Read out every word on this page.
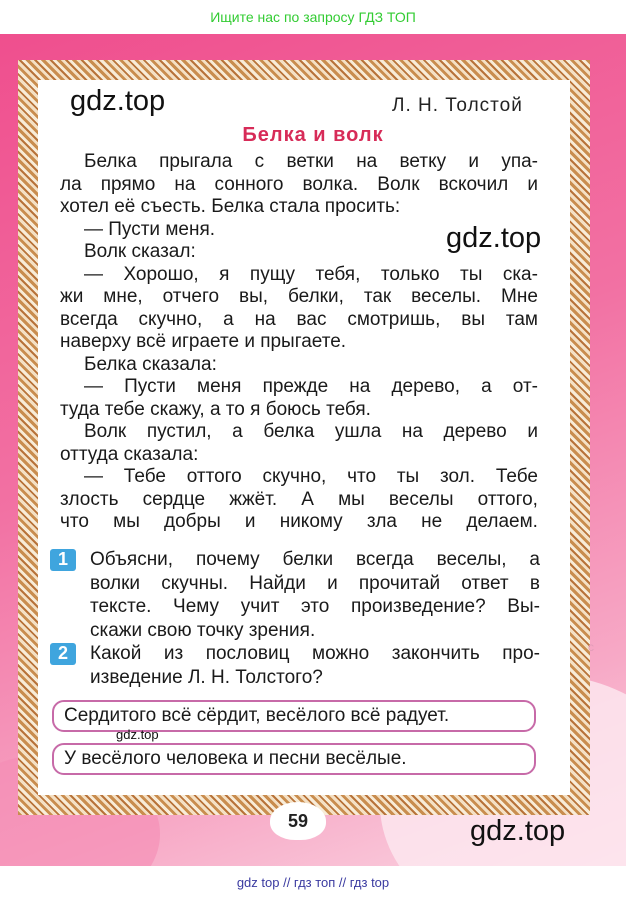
Ищите нас по запросу ГДЗ ТОП
с
Л. Н. Толстой
Белка и волк
Белка прыгала с ветки на ветку и упа-
ла прямо на сонного волка. Волк вскочил и
хотел её съесть. Белка стала просить:
— Пусти меня.
Волк сказал:
— Хорошо, я пущу тебя, только ты ска-
жи мне, отчего вы, белки, так веселы. Мне
всегда скучно, а на вас смотришь, вы там
наверху всё играете и прыгаете.
Белка сказала:
— Пусти меня прежде на дерево, а от-
туда тебе скажу, а то я боюсь тебя.
Волк пустил, а белка ушла на дерево и
оттуда сказала:
— Тебе оттого скучно, что ты зол. Тебе
злость сердце жжёт. А мы веселы оттого,
что мы добры и никому зла не делаем.
1	Объясни, почему белки всегда веселы, а
волки скучны. Найди и прочитай ответ в
тексте. Чему учит это произведение? Вы-
скажи свою точку зрения.
2	Какой из пословиц можно закончить про-
изведение Л. Н. Толстого?
Сердитого всё сёрдит, весёлого всё радует.
У весёлого человека и песни весёлые.
59
gdz.top
gdz.top
gdz.top
gdz.top
gdz top // гдз топ // гдз top
